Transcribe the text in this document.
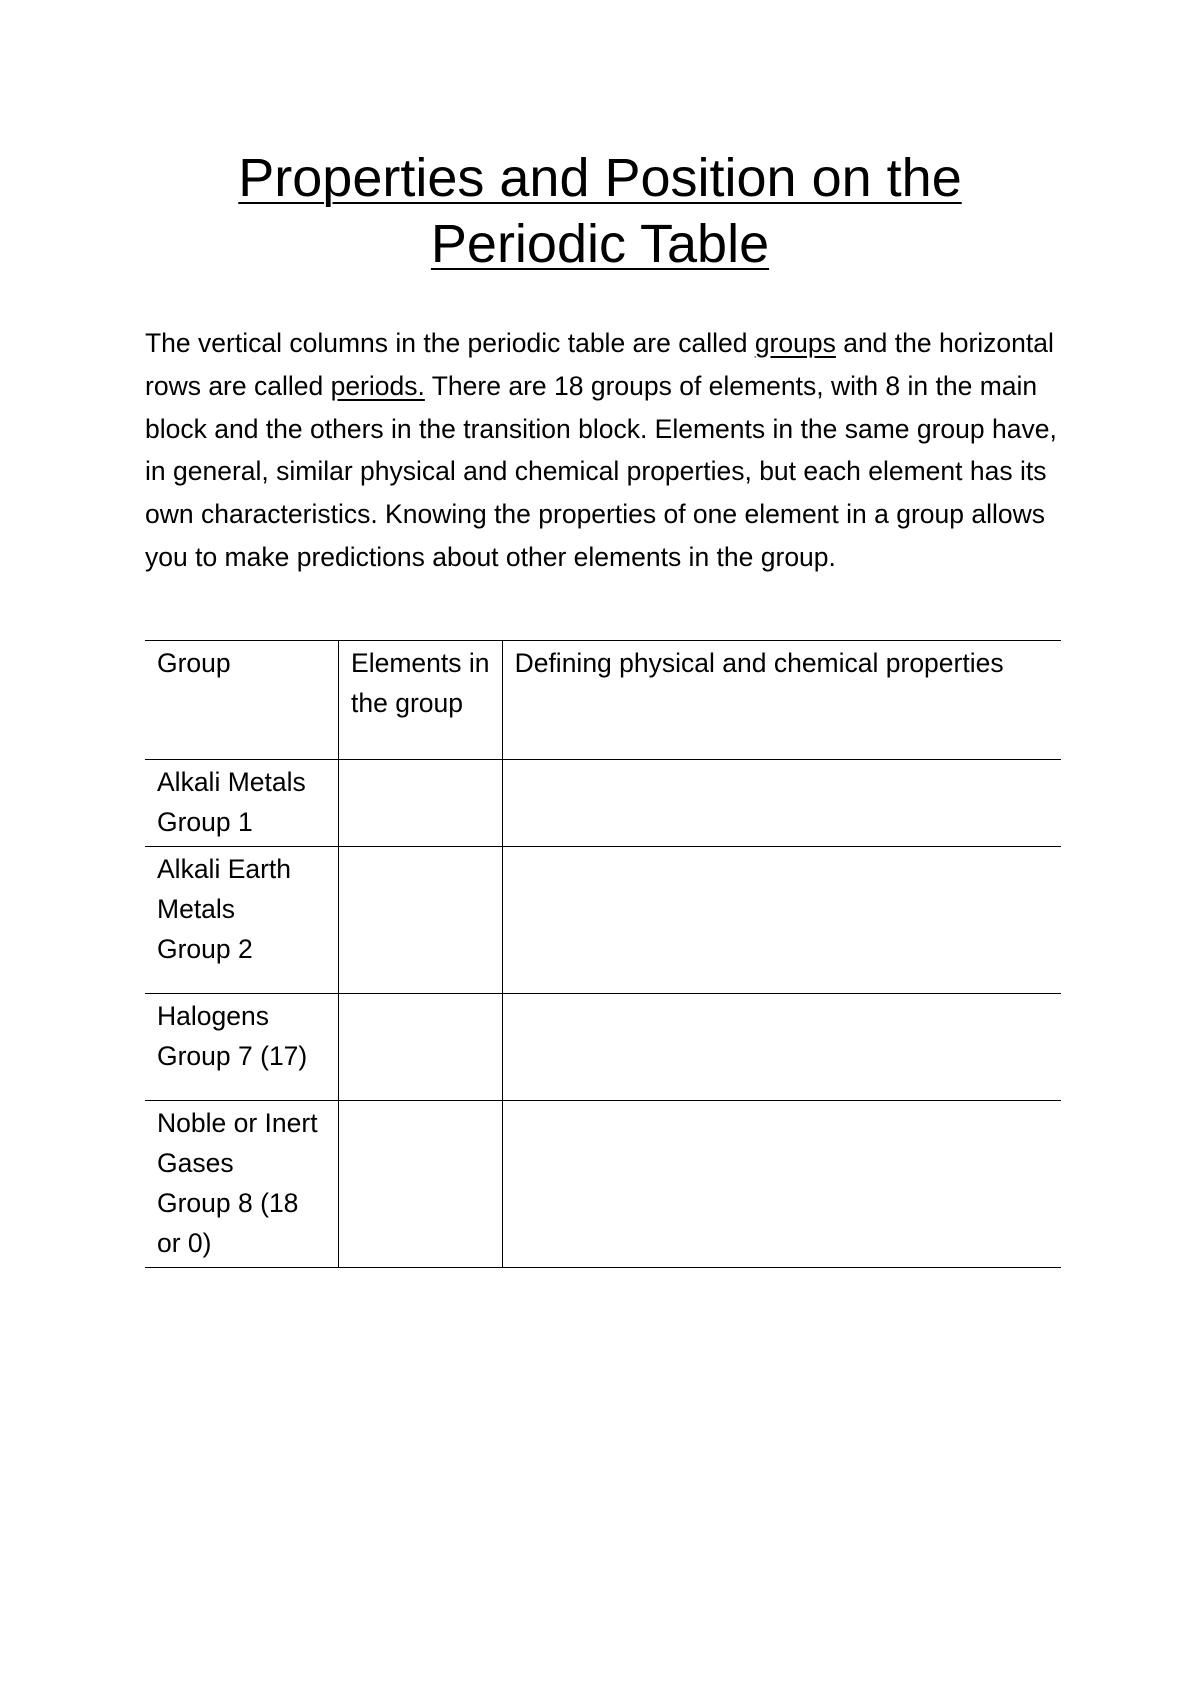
Properties and Position on the
Periodic Table

The vertical columns in the periodic table are called groups and the horizontal rows are called periods. There are 18 groups of elements, with 8 in the main block and the others in the transition block. Elements in the same group have, in general, similar physical and chemical properties, but each element has its own characteristics. Knowing the properties of one element in a group allows you to make predictions about other elements in the group.

Group	Elements in the group	Defining physical and chemical properties

Alkali Metals
Group 1		

Alkali Earth Metals
Group 2		

Halogens
Group 7 (17)		

Noble or Inert Gases
Group 8 (18 or 0)		
